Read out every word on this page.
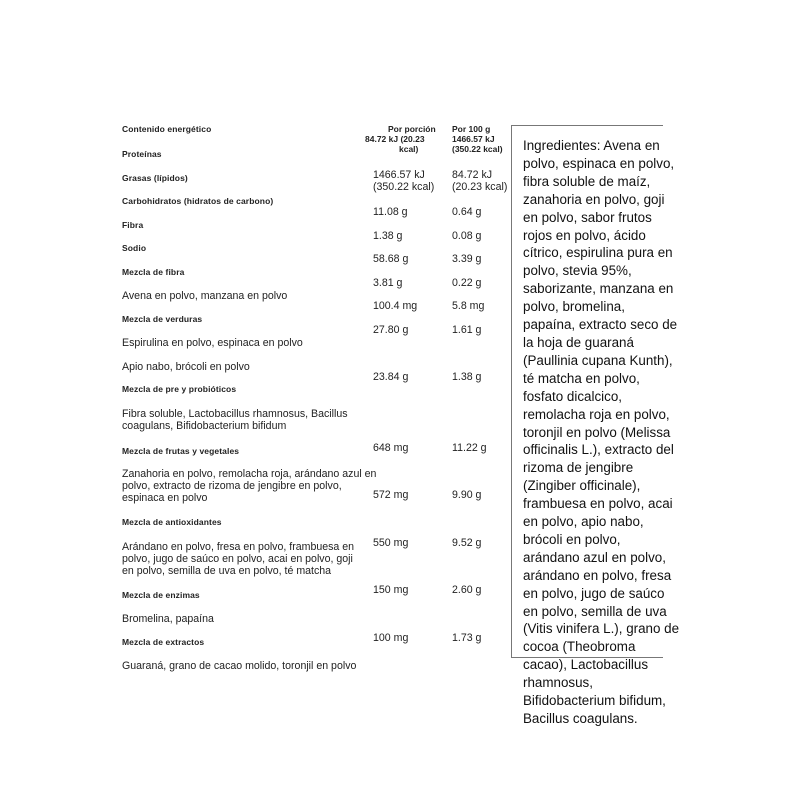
Contenido energético	Por porción
84.72 kJ (20.23
kcal)
Por 100 g
1466.57 kJ
(350.22 kcal)
Proteínas
Grasas (lípidos)
Carbohidratos (hidratos de carbono)
Fibra
Sodio
Mezcla de fibra
Avena en polvo, manzana en polvo
Mezcla de verduras
Espirulina en polvo, espinaca en polvo
Apio nabo, brócoli en polvo
Mezcla de pre y probióticos
Fibra soluble, Lactobacillus rhamnosus, Bacillus
coagulans, Bifidobacterium bifidum
Mezcla de frutas y vegetales
Zanahoria en polvo, remolacha roja, arándano azul en
polvo, extracto de rizoma de jengibre en polvo,
espinaca en polvo
Mezcla de antioxidantes
Arándano en polvo, fresa en polvo, frambuesa en
polvo, jugo de saúco en polvo, acai en polvo, goji
en polvo, semilla de uva en polvo, té matcha
Mezcla de enzimas
Bromelina, papaína
Mezcla de extractos
Guaraná, grano de cacao molido, toronjil en polvo
1466.57 kJ
(350.22 kcal)
11.08 g
1.38 g
58.68 g
3.81 g
100.4 mg
27.80 g
23.84 g
648 mg
572 mg
550 mg
150 mg
100 mg
84.72 kJ
(20.23 kcal)
0.64 g
0.08 g
3.39 g
0.22 g
5.8 mg
1.61 g
1.38 g
11.22 g
9.90 g
9.52 g
2.60 g
1.73 g
Ingredientes: Avena en
polvo, espinaca en polvo,
fibra soluble de maíz,
zanahoria en polvo, goji
en polvo, sabor frutos
rojos en polvo, ácido
cítrico, espirulina pura en
polvo, stevia 95%,
saborizante, manzana en
polvo, bromelina,
papaína, extracto seco de
la hoja de guaraná
(Paullinia cupana Kunth),
té matcha en polvo,
fosfato dicalcico,
remolacha roja en polvo,
toronjil en polvo (Melissa
officinalis L.), extracto del
rizoma de jengibre
(Zingiber officinale),
frambuesa en polvo, acai
en polvo, apio nabo,
brócoli en polvo,
arándano azul en polvo,
arándano en polvo, fresa
en polvo, jugo de saúco
en polvo, semilla de uva
(Vitis vinifera L.), grano de
cocoa (Theobroma
cacao), Lactobacillus
rhamnosus,
Bifidobacterium bifidum,
Bacillus coagulans.
